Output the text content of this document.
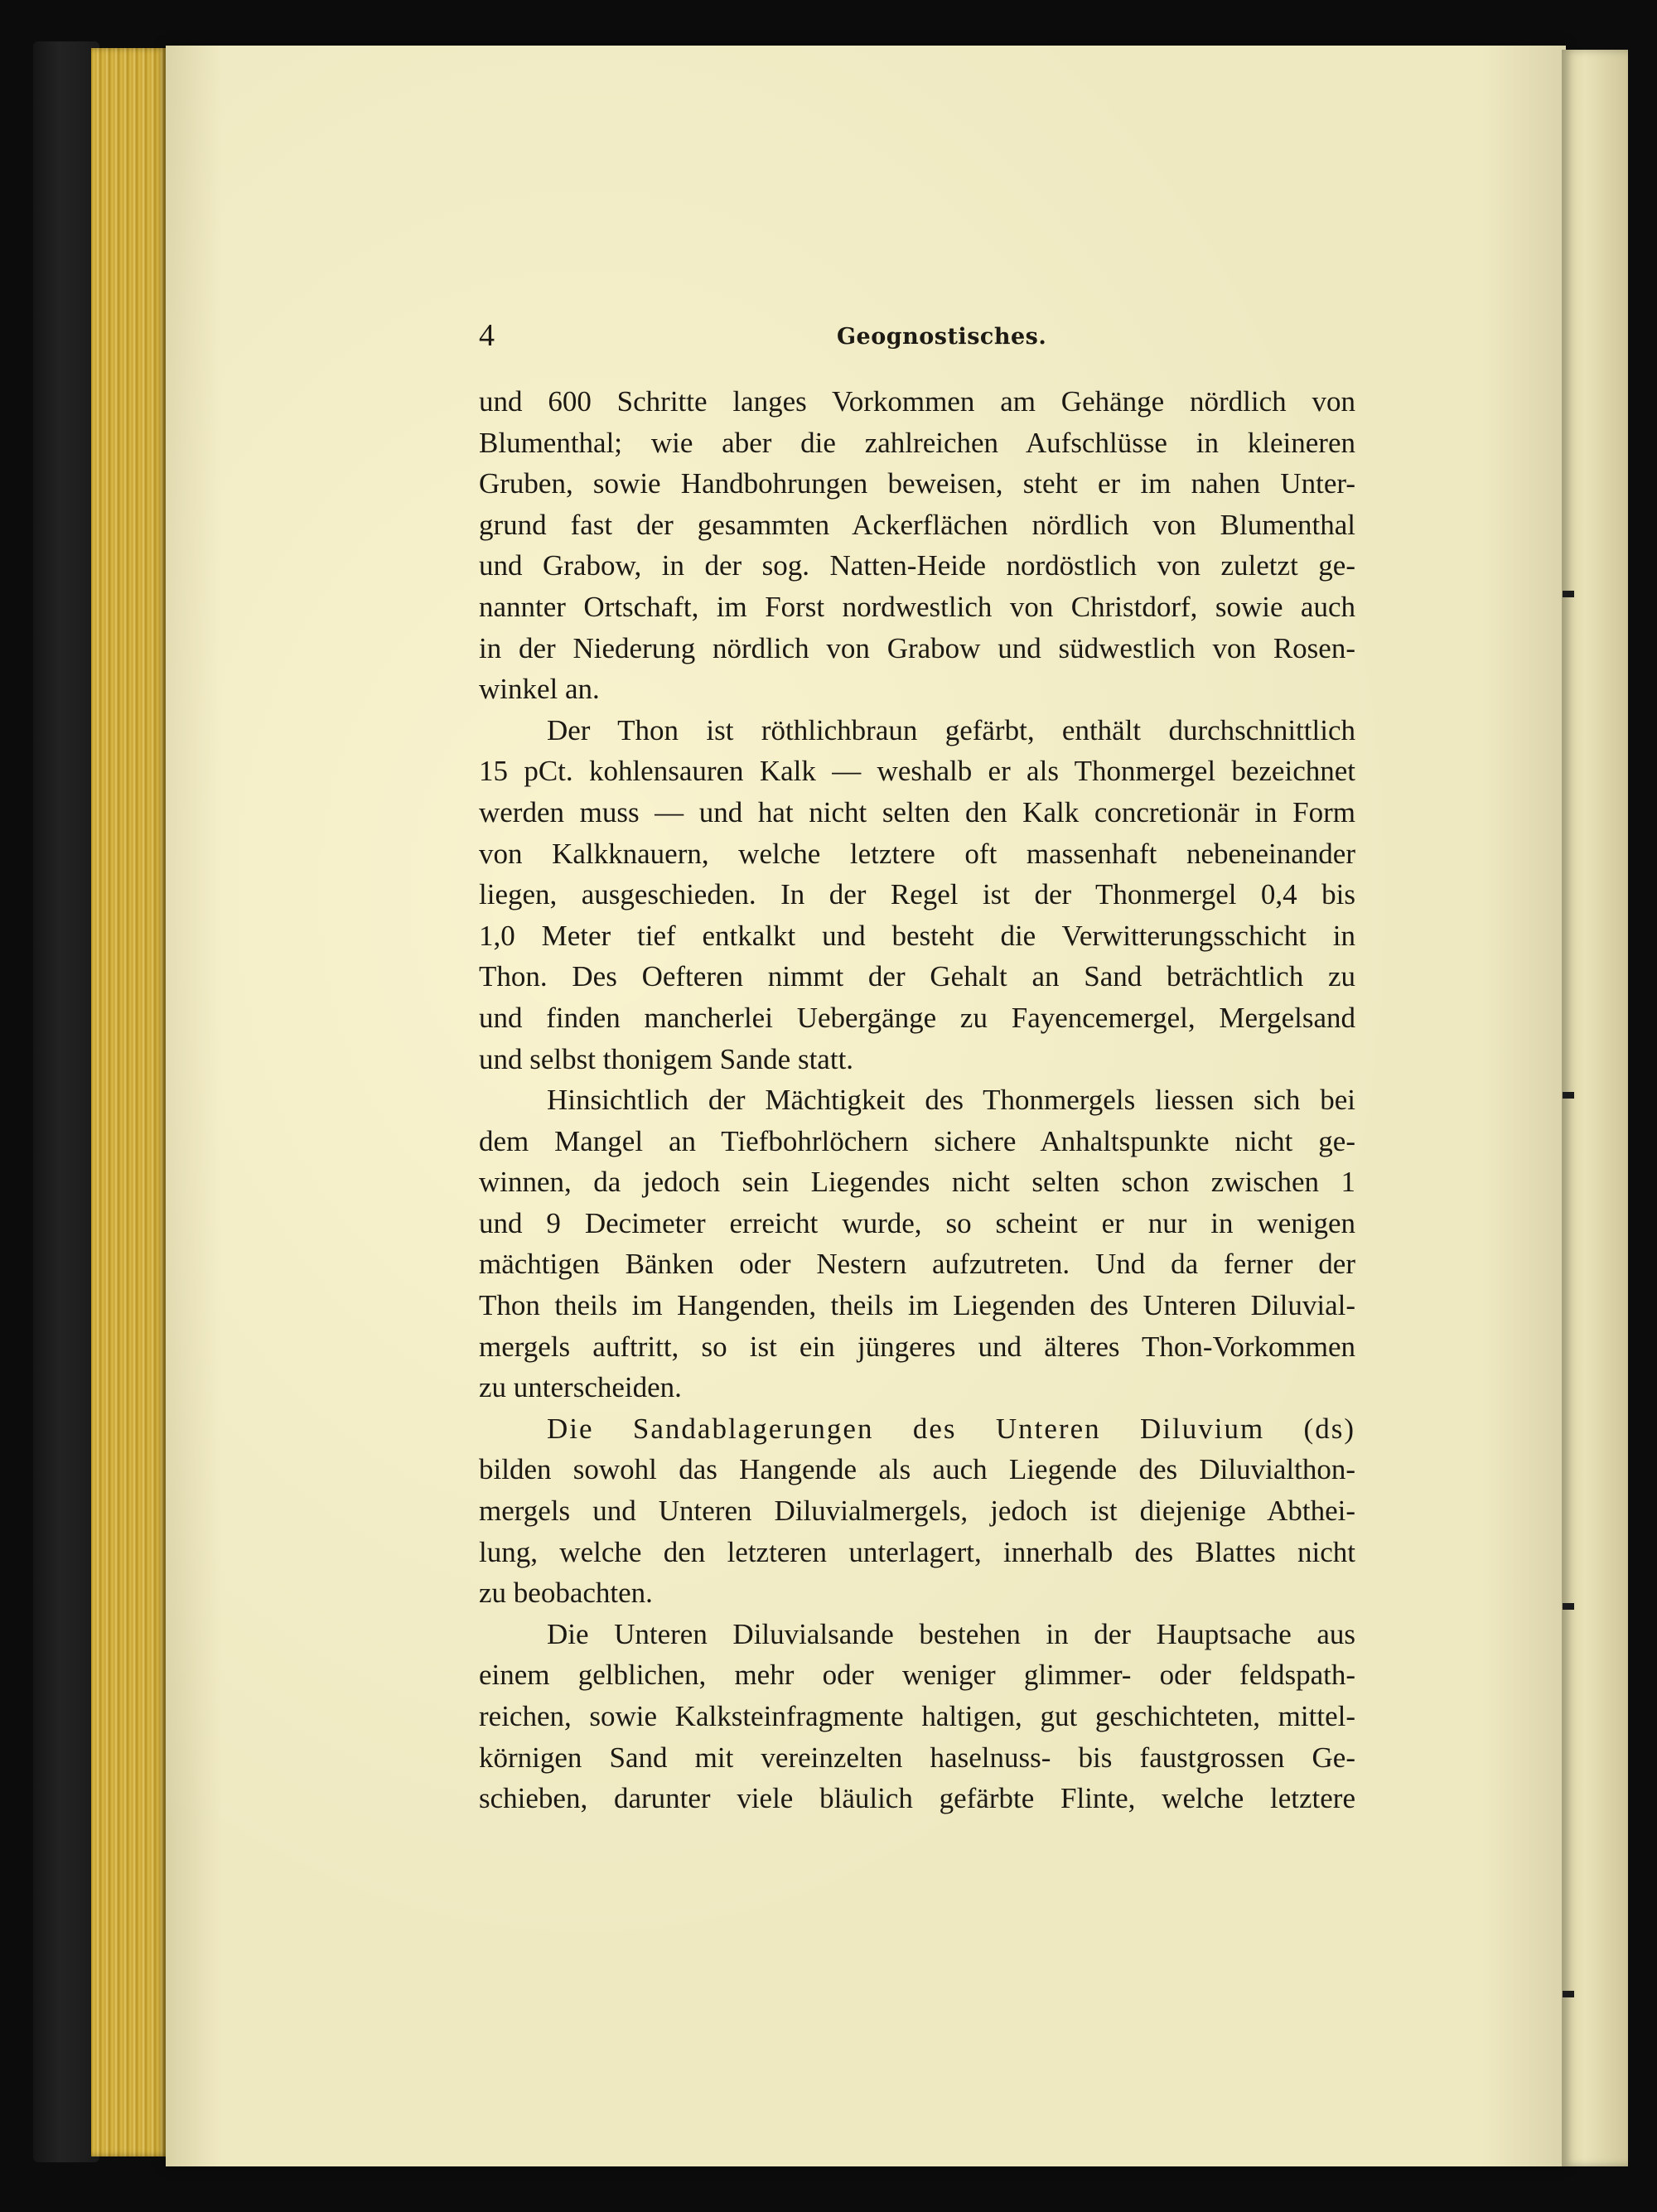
4	Geognostisches.
und 600 Schritte langes Vorkommen am Gehänge nördlich von
Blumenthal; wie aber die zahlreichen Aufschlüsse in kleineren
Gruben, sowie Handbohrungen beweisen, steht er im nahen Unter-
grund fast der gesammten Ackerflächen nördlich von Blumenthal
und Grabow, in der sog. Natten-Heide nordöstlich von zuletzt ge-
nannter Ortschaft, im Forst nordwestlich von Christdorf, sowie auch
in der Niederung nördlich von Grabow und südwestlich von Rosen-
winkel an.
Der Thon ist röthlichbraun gefärbt, enthält durchschnittlich
15 pCt. kohlensauren Kalk — weshalb er als Thonmergel bezeichnet
werden muss — und hat nicht selten den Kalk concretionär in Form
von Kalkknauern, welche letztere oft massenhaft nebeneinander
liegen, ausgeschieden. In der Regel ist der Thonmergel 0,4 bis
1,0 Meter tief entkalkt und besteht die Verwitterungsschicht in
Thon. Des Oefteren nimmt der Gehalt an Sand beträchtlich zu
und finden mancherlei Uebergänge zu Fayencemergel, Mergelsand
und selbst thonigem Sande statt.
Hinsichtlich der Mächtigkeit des Thonmergels liessen sich bei
dem Mangel an Tiefbohrlöchern sichere Anhaltspunkte nicht ge-
winnen, da jedoch sein Liegendes nicht selten schon zwischen 1
und 9 Decimeter erreicht wurde, so scheint er nur in wenigen
mächtigen Bänken oder Nestern aufzutreten. Und da ferner der
Thon theils im Hangenden, theils im Liegenden des Unteren Diluvial-
mergels auftritt, so ist ein jüngeres und älteres Thon-Vorkommen
zu unterscheiden.
Die Sandablagerungen des Unteren Diluvium (ds)
bilden sowohl das Hangende als auch Liegende des Diluvialthon-
mergels und Unteren Diluvialmergels, jedoch ist diejenige Abthei-
lung, welche den letzteren unterlagert, innerhalb des Blattes nicht
zu beobachten.
Die Unteren Diluvialsande bestehen in der Hauptsache aus
einem gelblichen, mehr oder weniger glimmer- oder feldspath-
reichen, sowie Kalksteinfragmente haltigen, gut geschichteten, mittel-
körnigen Sand mit vereinzelten haselnuss- bis faustgrossen Ge-
schieben, darunter viele bläulich gefärbte Flinte, welche letztere
